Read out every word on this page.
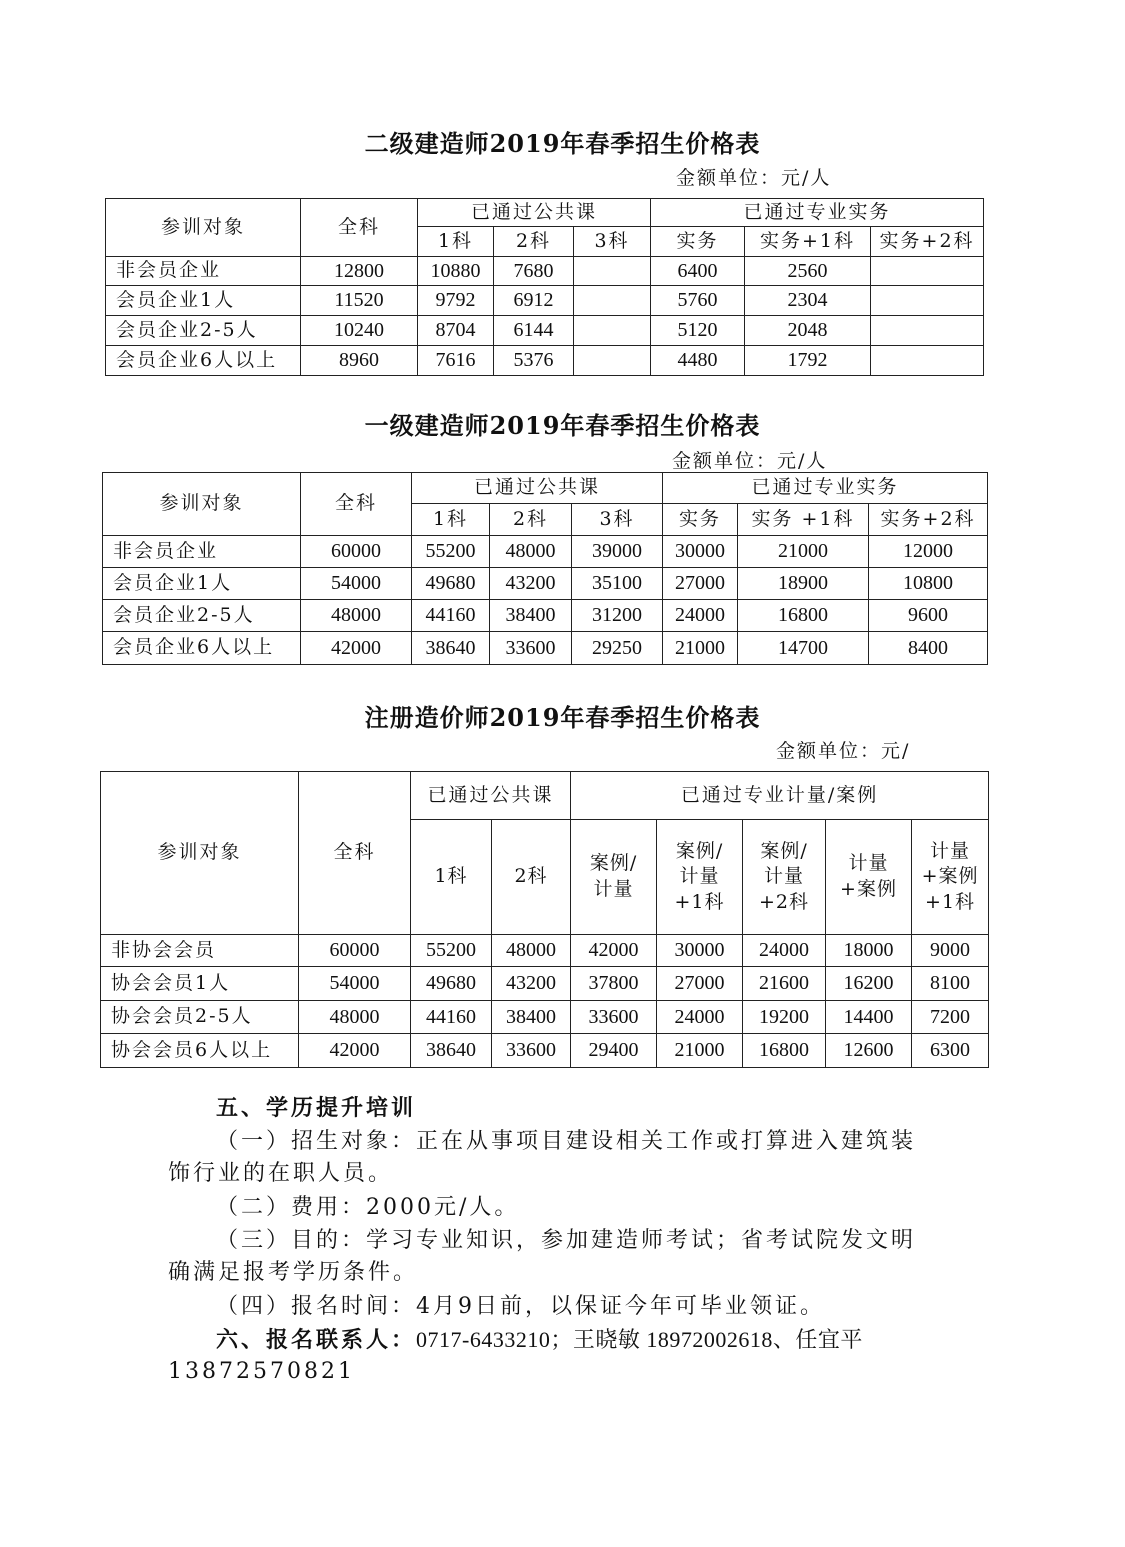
二级建造师2019年春季招生价格表
金额单位：元/人
参训对象	全科	已通过公共课			已通过专业实务		
		1科	2科	3科	实务	实务+1科	实务+2科
非会员企业	12800	10880	7680		6400	2560	
会员企业1人	11520	9792	6912		5760	2304	
会员企业2-5人	10240	8704	6144		5120	2048	
会员企业6人以上	8960	7616	5376		4480	1792	
一级建造师2019年春季招生价格表
金额单位：元/人
参训对象	全科	已通过公共课			已通过专业实务		
		1科	2科	3科	实务	实务 +1科	实务+2科
非会员企业	60000	55200	48000	39000	30000	21000	12000
会员企业1人	54000	49680	43200	35100	27000	18900	10800
会员企业2-5人	48000	44160	38400	31200	24000	16800	9600
会员企业6人以上	42000	38640	33600	29250	21000	14700	8400
注册造价师2019年春季招生价格表
金额单位：元/
参训对象	全科	已通过公共课		已通过专业计量/案例				
		1科	2科	案例/计量	案例/计量+1科	案例/计量+2科	计量+案例	计量+案例+1科
非协会会员	60000	55200	48000	42000	30000	24000	18000	9000
协会会员1人	54000	49680	43200	37800	27000	21600	16200	8100
协会会员2-5人	48000	44160	38400	33600	24000	19200	14400	7200
协会会员6人以上	42000	38640	33600	29400	21000	16800	12600	6300
五、学历提升培训
（一）招生对象：正在从事项目建设相关工作或打算进入建筑装
饰行业的在职人员。
（二）费用：2000元/人。
（三）目的：学习专业知识，参加建造师考试；省考试院发文明
确满足报考学历条件。
（四）报名时间：4月9日前，以保证今年可毕业领证。
六、报名联系人：0717-6433210；王晓敏 18972002618、任宜平
13872570821
